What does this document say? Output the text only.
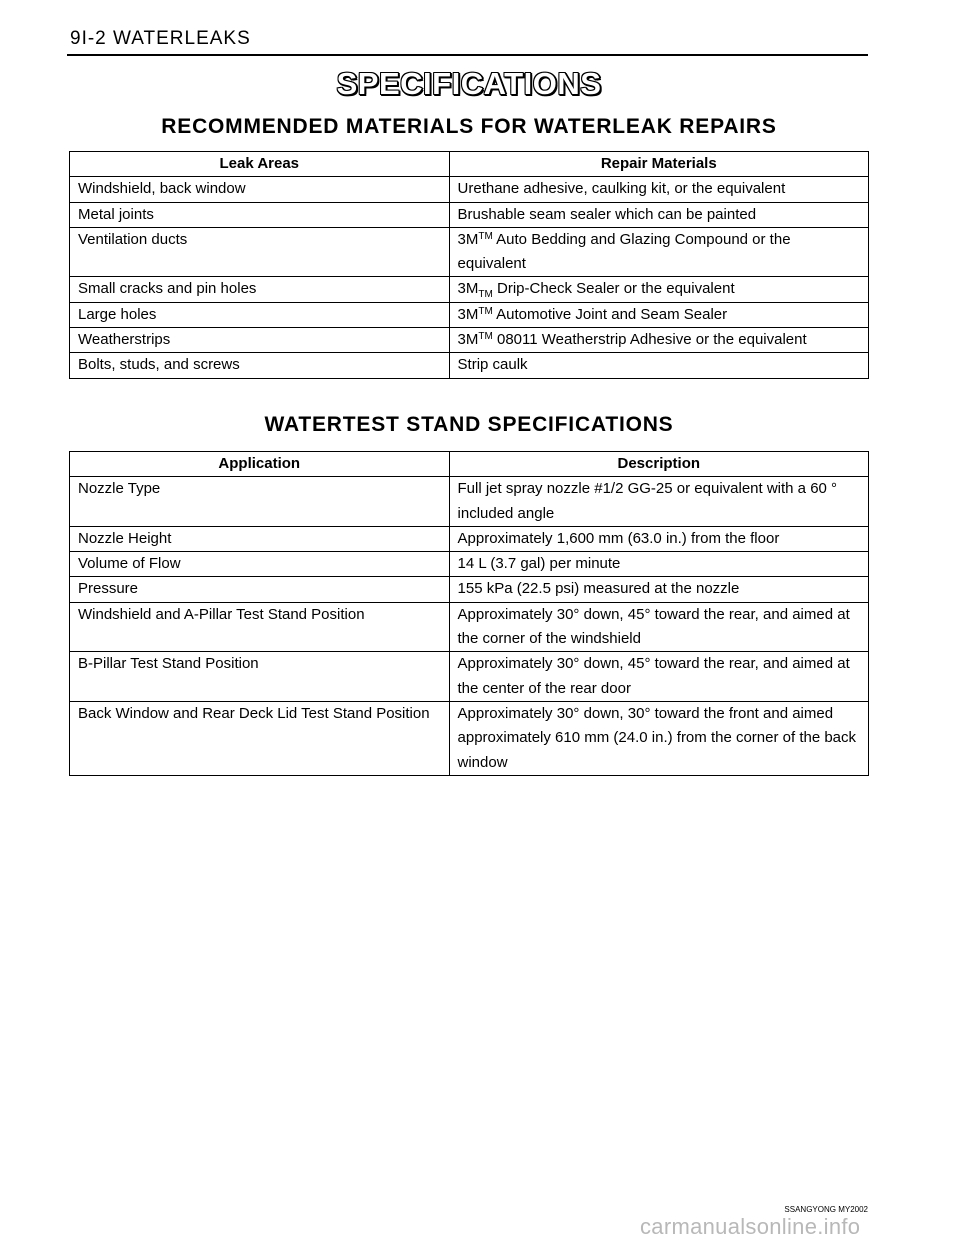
9I-2 WATERLEAKS
SPECIFICATIONS
RECOMMENDED MATERIALS FOR WATERLEAK REPAIRS
Leak Areas	Repair Materials
Windshield, back window	Urethane adhesive, caulking kit, or the equivalent
Metal joints	Brushable seam sealer which can be painted
Ventilation ducts	3M™ Auto Bedding and Glazing Compound or the equivalent
Small cracks and pin holes	$3M_{TM}$ Drip-Check Sealer or the equivalent
Large holes	3M™ Automotive Joint and Seam Sealer
Weatherstrips	3M™ 08011 Weatherstrip Adhesive or the equivalent
Bolts, studs, and screws	Strip caulk
WATERTEST STAND SPECIFICATIONS
Application	Description
Nozzle Type	Full jet spray nozzle #1/2 GG-25 or equivalent with a 60 ° included angle
Nozzle Height	Approximately 1,600 mm (63.0 in.) from the floor
Volume of Flow	14 L (3.7 gal) per minute
Pressure	155 kPa (22.5 psi) measured at the nozzle
Windshield and A-Pillar Test Stand Position	Approximately 30° down, 45° toward the rear, and aimed at the corner of the windshield
B-Pillar Test Stand Position	Approximately 30° down, 45° toward the rear, and aimed at the center of the rear door
Back Window and Rear Deck Lid Test Stand Position	Approximately 30° down, 30° toward the front and aimed approximately 610 mm (24.0 in.) from the corner of the back window
SSANGYONG MY2002
carmanualsonline.info
